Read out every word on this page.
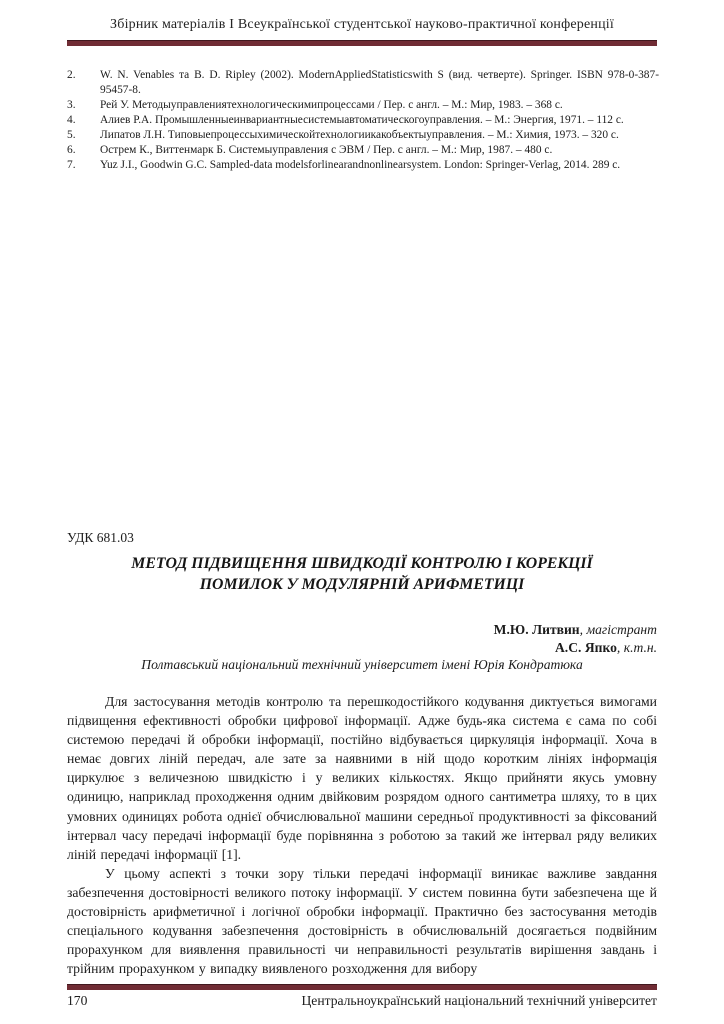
Збірник матеріалів І Всеукраїнської студентської науково-практичної конференції
2.	W. N. Venables та B. D. Ripley (2002). ModernAppliedStatisticswith S (вид. четверте). Springer. ISBN 978-0-387-95457-8.
3.	Рей У. Методыуправлениятехнологическимипроцессами / Пер. с англ. – М.: Мир, 1983. – 368 с.
4.	Алиев Р.А. Промышленныеинвариантныесистемыавтоматическогоуправления. – М.: Энергия, 1971. – 112 с.
5.	Липатов Л.Н. Типовыепроцессыхимическойтехнологиикакобъектыуправления. – М.: Химия, 1973. – 320 с.
6.	Острем К., Виттенмарк Б. Системыуправления с ЭВМ / Пер. с англ. – М.: Мир, 1987. – 480 с.
7.	Yuz J.I., Goodwin G.C. Sampled-data modelsforlinearandnonlinearsystem. London: Springer-Verlag, 2014. 289 с.
УДК 681.03
МЕТОД ПІДВИЩЕННЯ ШВИДКОДІЇ КОНТРОЛЮ І КОРЕКЦІЇ ПОМИЛОК У МОДУЛЯРНІЙ АРИФМЕТИЦІ
М.Ю. Литвин, магістрант
А.С. Япко, к.т.н.
Полтавський національний технічний університет імені Юрія Кондратюка

Для застосування методів контролю та перешкодостійкого кодування диктується вимогами підвищення ефективності обробки цифрової інформації. Адже будь-яка система є сама по собі системою передачі й обробки інформації, постійно відбувається циркуляція інформації. Хоча в немає довгих ліній передач, але зате за наявними в ній щодо коротким лініях інформація циркулює з величезною швидкістю і у великих кількостях. Якщо прийняти якусь умовну одиницю, наприклад проходження одним двійковим розрядом одного сантиметра шляху, то в цих умовних одиницях робота однієї обчислювальної машини середньої продуктивності за фіксований інтервал часу передачі інформації буде порівнянна з роботою за такий же інтервал ряду великих ліній передачі інформації [1].

У цьому аспекті з точки зору тільки передачі інформації виникає важливе завдання забезпечення достовірності великого потоку інформації. У систем повинна бути забезпечена ще й достовірність арифметичної і логічної обробки інформації. Практично без застосування методів спеціального кодування забезпечення достовірність в обчислювальній досягається подвійним прорахунком для виявлення правильності чи неправильності результатів вирішення завдань і трійним прорахунком у випадку виявленого розходження для вибору

170	Центральноукраїнський національний технічний університет
